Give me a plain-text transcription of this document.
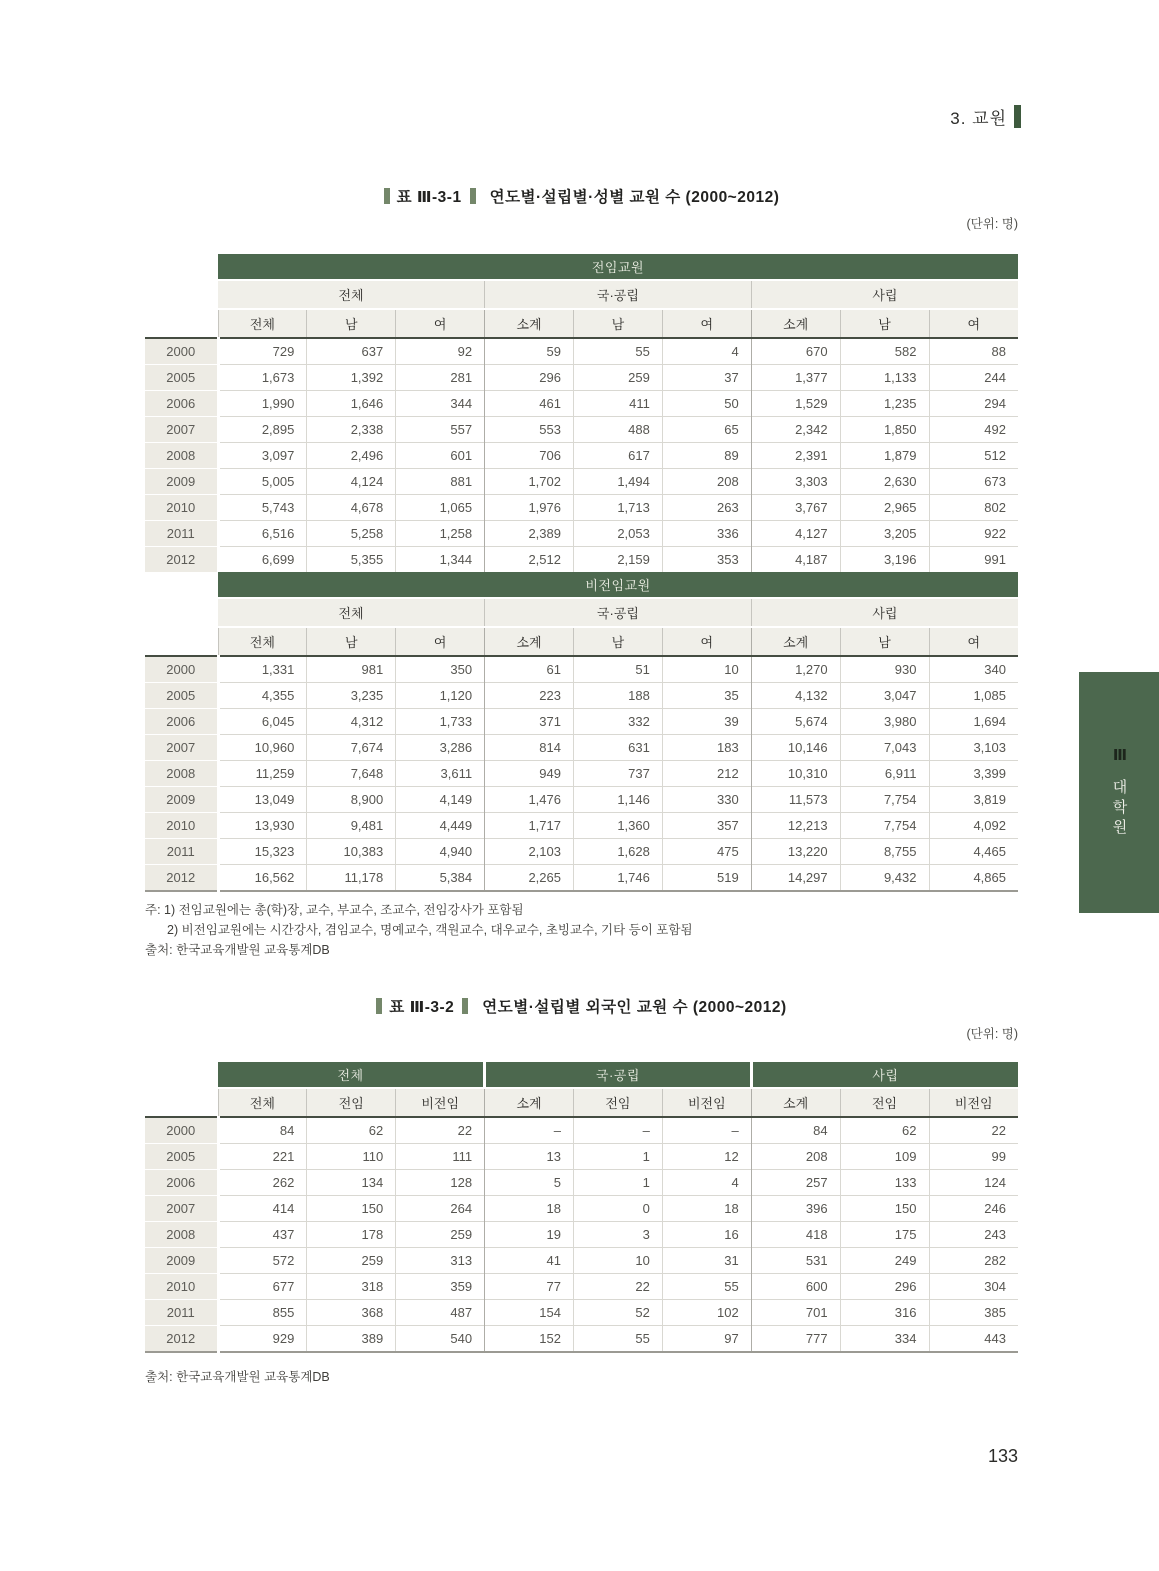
3. 교원
표 Ⅲ-3-1 연도별·설립별·성별 교원 수 (2000~2012)
(단위: 명)
	전임교원								
	전체			국·공립			사립		
	전체	남	여	소계	남	여	소계	남	여
2000	729	637	92	59	55	4	670	582	88
2005	1,673	1,392	281	296	259	37	1,377	1,133	244
2006	1,990	1,646	344	461	411	50	1,529	1,235	294
2007	2,895	2,338	557	553	488	65	2,342	1,850	492
2008	3,097	2,496	601	706	617	89	2,391	1,879	512
2009	5,005	4,124	881	1,702	1,494	208	3,303	2,630	673
2010	5,743	4,678	1,065	1,976	1,713	263	3,767	2,965	802
2011	6,516	5,258	1,258	2,389	2,053	336	4,127	3,205	922
2012	6,699	5,355	1,344	2,512	2,159	353	4,187	3,196	991
	비전임교원								
	전체			국·공립			사립		
	전체	남	여	소계	남	여	소계	남	여
2000	1,331	981	350	61	51	10	1,270	930	340
2005	4,355	3,235	1,120	223	188	35	4,132	3,047	1,085
2006	6,045	4,312	1,733	371	332	39	5,674	3,980	1,694
2007	10,960	7,674	3,286	814	631	183	10,146	7,043	3,103
2008	11,259	7,648	3,611	949	737	212	10,310	6,911	3,399
2009	13,049	8,900	4,149	1,476	1,146	330	11,573	7,754	3,819
2010	13,930	9,481	4,449	1,717	1,360	357	12,213	7,754	4,092
2011	15,323	10,383	4,940	2,103	1,628	475	13,220	8,755	4,465
2012	16,562	11,178	5,384	2,265	1,746	519	14,297	9,432	4,865
주: 1) 전임교원에는 총(학)장, 교수, 부교수, 조교수, 전임강사가 포함됨
2) 비전임교원에는 시간강사, 겸임교수, 명예교수, 객원교수, 대우교수, 초빙교수, 기타 등이 포함됨
출처: 한국교육개발원 교육통계DB
표 Ⅲ-3-2 연도별·설립별 외국인 교원 수 (2000~2012)
(단위: 명)
	전체			국·공립			사립		
	전체	전임	비전임	소계	전임	비전임	소계	전임	비전임
2000	84	62	22	–	–	–	84	62	22
2005	221	110	111	13	1	12	208	109	99
2006	262	134	128	5	1	4	257	133	124
2007	414	150	264	18	0	18	396	150	246
2008	437	178	259	19	3	16	418	175	243
2009	572	259	313	41	10	31	531	249	282
2010	677	318	359	77	22	55	600	296	304
2011	855	368	487	154	52	102	701	316	385
2012	929	389	540	152	55	97	777	334	443
출처: 한국교육개발원 교육통계DB
Ⅲ
대학원
133
